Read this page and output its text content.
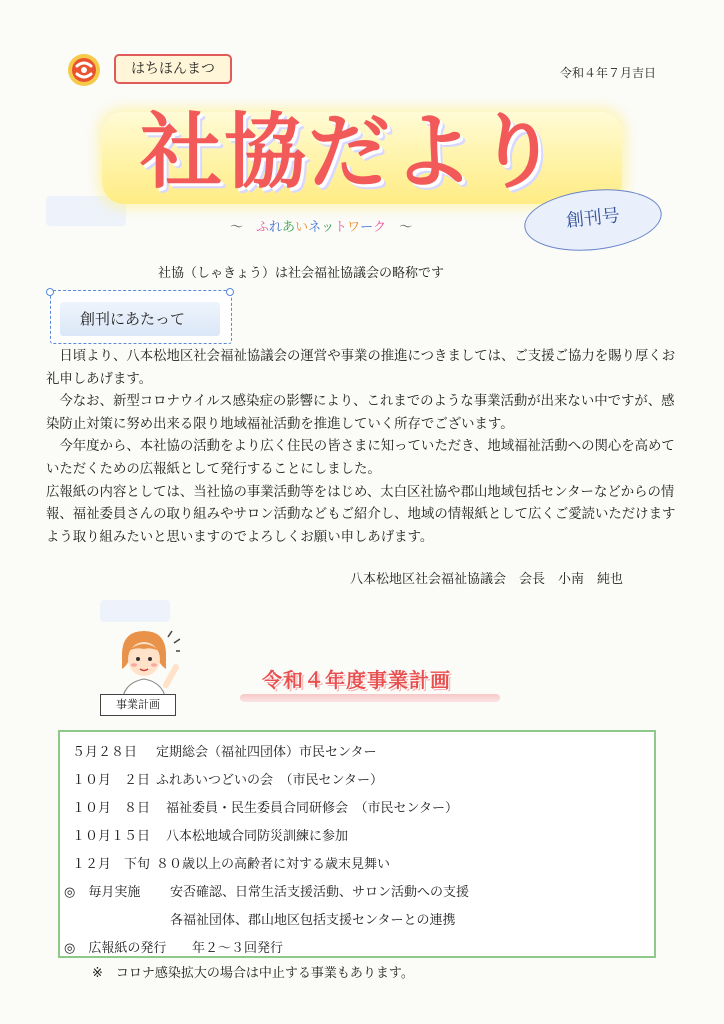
はちほんまつ	令和４年７月吉日
社協だより
～　ふれあいネットワーク　～	創刊号
社協（しゃきょう）は社会福祉協議会の略称です
創刊にあたって

日頃より、八本松地区社会福祉協議会の運営や事業の推進につきましては、ご支援ご協力を賜り厚くお礼申しあげます。

今なお、新型コロナウイルス感染症の影響により、これまでのような事業活動が出来ない中ですが、感染防止対策に努め出来る限り地域福祉活動を推進していく所存でございます。

今年度から、本社協の活動をより広く住民の皆さまに知っていただき、地域福祉活動への関心を高めていただくための広報紙として発行することにしました。

広報紙の内容としては、当社協の事業活動等をはじめ、太白区社協や郡山地域包括センターなどからの情報、福祉委員さんの取り組みやサロン活動などもご紹介し、地域の情報紙として広くご愛読いただけますよう取り組みたいと思いますのでよろしくお願い申しあげます。

八本松地区社会福祉協議会　会長　小南　純也
事業計画
令和４年度事業計画
５月２８日 定期総会（福祉四団体）市民センター
１０月　２日 ふれあいつどいの会　（市民センター）
１０月　８日 福祉委員・民生委員合同研修会　（市民センター）
１０月１５日 八本松地域合同防災訓練に参加
１２月　下旬 ８０歳以上の高齢者に対する歳末見舞い
◎　毎月実施 安否確認、日常生活支援活動、サロン活動への支援
各福祉団体、郡山地区包括支援センターとの連携
◎　広報紙の発行 年２～３回発行
※　コロナ感染拡大の場合は中止する事業もあります。
